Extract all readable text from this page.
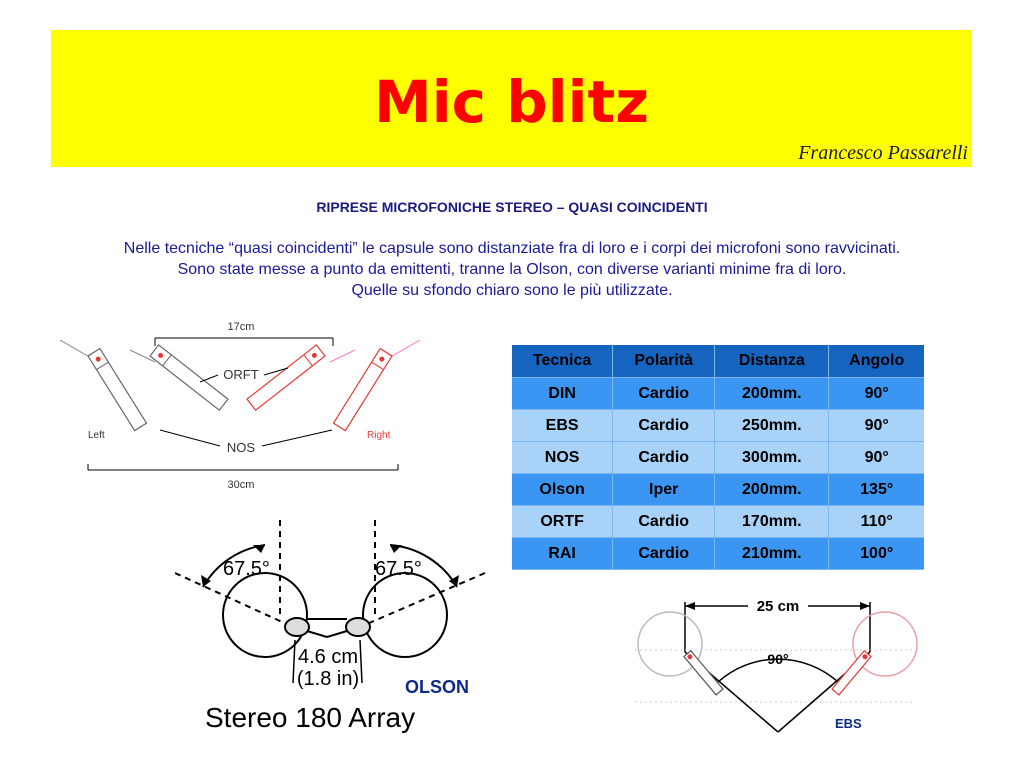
Mic blitz
Francesco Passarelli
RIPRESE MICROFONICHE STEREO – QUASI COINCIDENTI
Nelle tecniche “quasi coincidenti” le capsule sono distanziate fra di loro e i corpi dei microfoni sono ravvicinati.
Sono state messe a punto da emittenti, tranne la Olson, con diverse varianti minime fra di loro.
Quelle su sfondo chiaro sono le più utilizzate.
17cm
ORFT
NOS
Left	Right
30cm
67.5°	67.5°
4.6 cm
(1.8 in)	OLSON
Stereo 180 Array
Tecnica	Polarità	Distanza	Angolo
DIN	Cardio	200mm.	90°
EBS	Cardio	250mm.	90°
NOS	Cardio	300mm.	90°
Olson	Iper	200mm.	135°
ORTF	Cardio	170mm.	110°
RAI	Cardio	210mm.	100°
25 cm
90°
EBS
